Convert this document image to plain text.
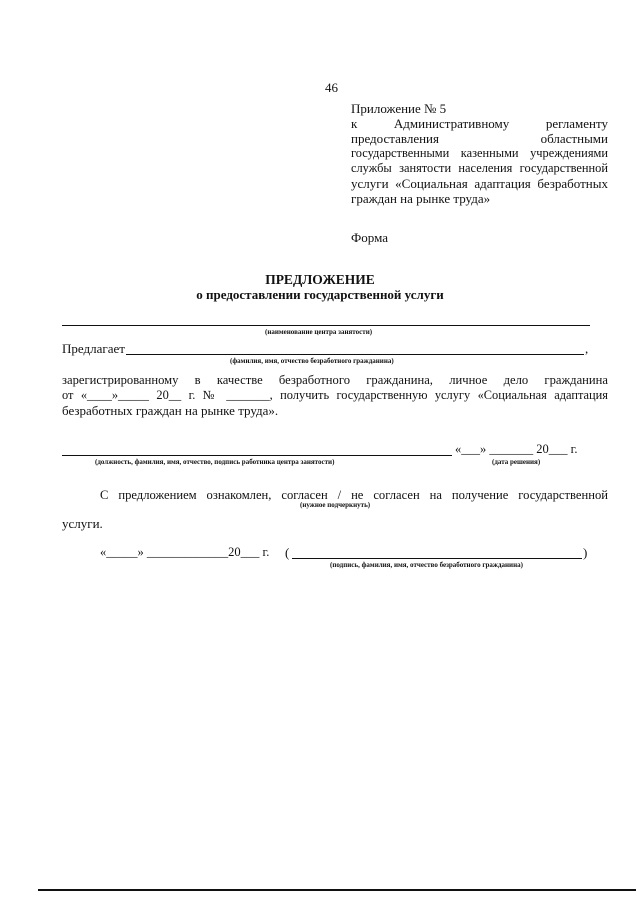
46
Приложение № 5
к Административному регламенту
предоставления областными
государственными казенными учреждениями
службы занятости населения государственной
услуги «Социальная адаптация безработных
граждан на рынке труда»
Форма
ПРЕДЛОЖЕНИЕ
о предоставлении государственной услуги
(наименование центра занятости)
Предлагает	,
(фамилия, имя, отчество безработного гражданина)
зарегистрированному в качестве безработного гражданина, личное дело гражданина
от «____»_____ 20__ г. № _______, получить государственную услугу «Социальная адаптация
безработных граждан на рынке труда».
(должность, фамилия, имя, отчество, подпись работника центра занятости)
«___» _______ 20___ г.
(дата решения)
С предложением ознакомлен, согласен / не согласен на получение государственной
(нужное подчеркнуть)
услуги.
«_____» _____________20___ г. (	)
(подпись, фамилия, имя, отчество безработного гражданина)
